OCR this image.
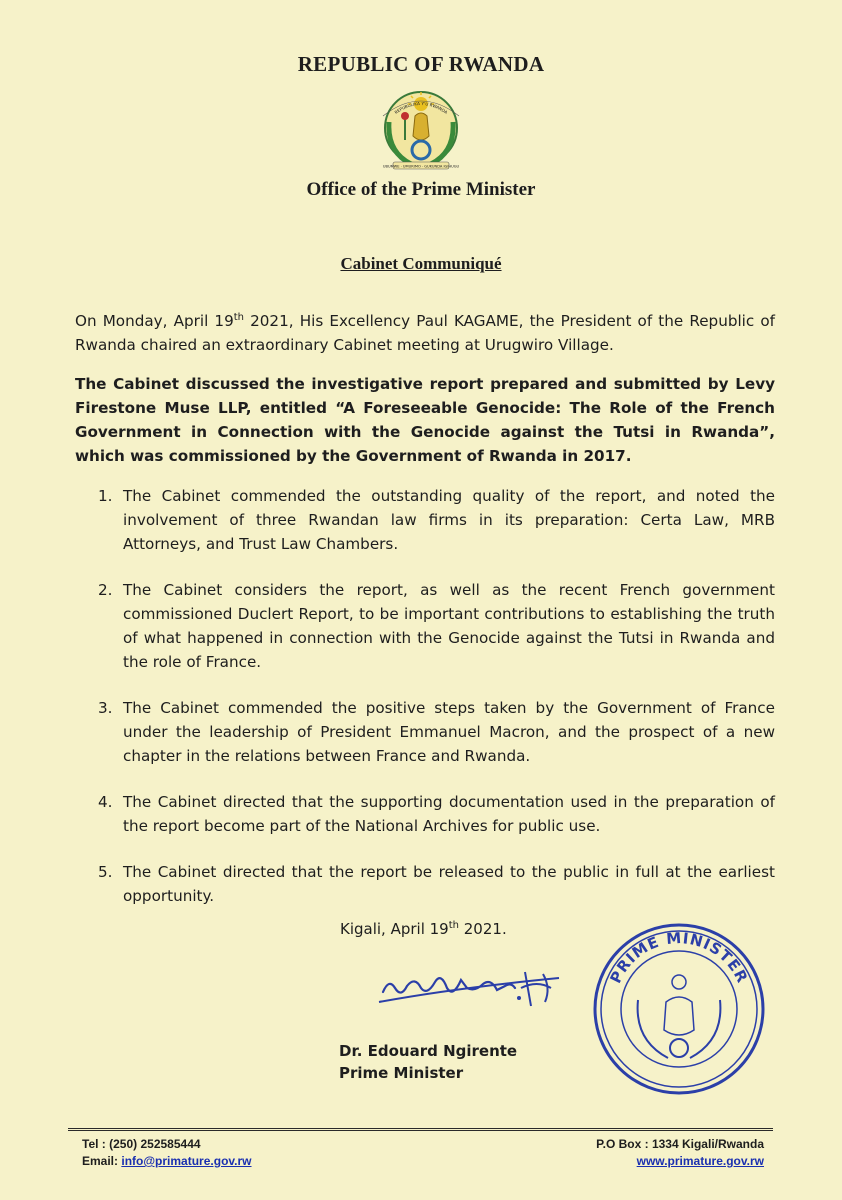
REPUBLIC OF RWANDA
REPUBULIKA Y'U RWANDA
UBUMWE · UMURIMO · GUKUNDA IGIHUGU
Office of the Prime Minister
Cabinet Communiqué

On Monday, April 19th 2021, His Excellency Paul KAGAME, the President of the Republic of Rwanda chaired an extraordinary Cabinet meeting at Urugwiro Village.

The Cabinet discussed the investigative report prepared and submitted by Levy Firestone Muse LLP, entitled “A Foreseeable Genocide: The Role of the French Government in Connection with the Genocide against the Tutsi in Rwanda”, which was commissioned by the Government of Rwanda in 2017.

1. The Cabinet commended the outstanding quality of the report, and noted the involvement of three Rwandan law firms in its preparation: Certa Law, MRB Attorneys, and Trust Law Chambers.
2. The Cabinet considers the report, as well as the recent French government commissioned Duclert Report, to be important contributions to establishing the truth of what happened in connection with the Genocide against the Tutsi in Rwanda and the role of France.
3. The Cabinet commended the positive steps taken by the Government of France under the leadership of President Emmanuel Macron, and the prospect of a new chapter in the relations between France and Rwanda.
4. The Cabinet directed that the supporting documentation used in the preparation of the report become part of the National Archives for public use.
5. The Cabinet directed that the report be released to the public in full at the earliest opportunity.
Kigali, April 19th 2021.
Dr. Edouard Ngirente
Prime Minister
PRIME MINISTER
Tel : (250) 252585444
Email: info@primature.gov.rw
P.O Box : 1334 Kigali/Rwanda
www.primature.gov.rw
